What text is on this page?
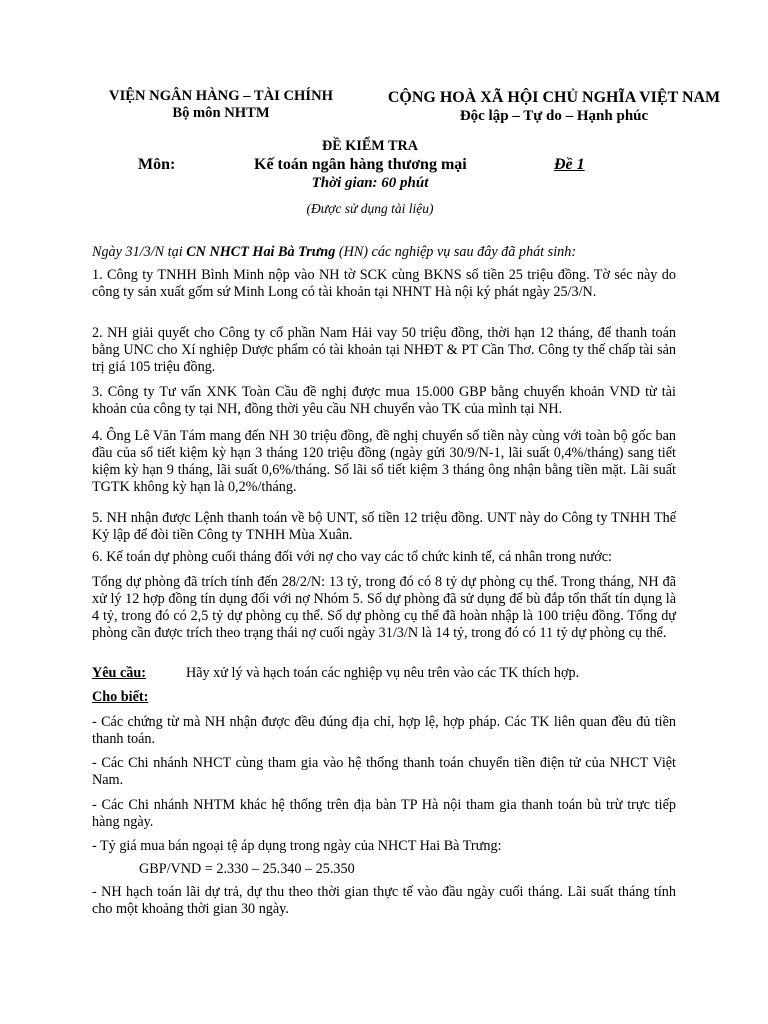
VIỆN NGÂN HÀNG – TÀI CHÍNH
Bộ môn NHTM
CỘNG HOÀ XÃ HỘI CHỦ NGHĨA VIỆT NAM
Độc lập – Tự do – Hạnh phúc
ĐỀ KIỂM TRA
Môn:	Kế toán ngân hàng thương mại	Đề 1
Thời gian: 60 phút
(Được sử dụng tài liệu)
Ngày 31/3/N tại CN NHCT Hai Bà Trưng (HN) các nghiệp vụ sau đây đã phát sinh:
1. Công ty TNHH Bình Minh nộp vào NH tờ SCK cùng BKNS số tiền 25 triệu đồng. Tờ séc này do công ty sản xuất gốm sứ Minh Long có tài khoản tại NHNT Hà nội ký phát ngày 25/3/N.
2. NH giải quyết cho Công ty cổ phần Nam Hải vay 50 triệu đồng, thời hạn 12 tháng, để thanh toán bằng UNC cho Xí nghiệp Dược phẩm có tài khoản tại NHĐT & PT Cần Thơ. Công ty thế chấp tài sản trị giá 105 triệu đồng.
3. Công ty Tư vấn XNK Toàn Cầu đề nghị được mua 15.000 GBP bằng chuyển khoản VND từ tài khoản của công ty tại NH, đồng thời yêu cầu NH chuyển vào TK của mình tại NH.
4. Ông Lê Văn Tám mang đến NH 30 triệu đồng, đề nghị chuyển số tiền này cùng với toàn bộ gốc ban đầu của sổ tiết kiệm kỳ hạn 3 tháng 120 triệu đồng (ngày gửi 30/9/N-1, lãi suất 0,4%/tháng) sang tiết kiệm kỳ hạn 9 tháng, lãi suất 0,6%/tháng. Số lãi sổ tiết kiệm 3 tháng ông nhận bằng tiền mặt. Lãi suất TGTK không kỳ hạn là 0,2%/tháng.
5. NH nhận được Lệnh thanh toán về bộ UNT, số tiền 12 triệu đồng. UNT này do Công ty TNHH Thế Kỷ lập để đòi tiền Công ty TNHH Mùa Xuân.
6. Kế toán dự phòng cuối tháng đối với nợ cho vay các tổ chức kinh tế, cá nhân trong nước:
Tổng dự phòng đã trích tính đến 28/2/N: 13 tỷ, trong đó có 8 tỷ dự phòng cụ thể. Trong tháng, NH đã xử lý 12 hợp đồng tín dụng đối với nợ Nhóm 5. Số dự phòng đã sử dụng để bù đắp tổn thất tín dụng là 4 tỷ, trong đó có 2,5 tỷ dự phòng cụ thể. Số dự phòng cụ thể đã hoàn nhập là 100 triệu đồng. Tổng dự phòng cần được trích theo trạng thái nợ cuối ngày 31/3/N là 14 tỷ, trong đó có 11 tỷ dự phòng cụ thể.
Yêu cầu:	Hãy xử lý và hạch toán các nghiệp vụ nêu trên vào các TK thích hợp.
Cho biết:
- Các chứng từ mà NH nhận được đều đúng địa chỉ, hợp lệ, hợp pháp. Các TK liên quan đều đủ tiền thanh toán.
- Các Chi nhánh NHCT cùng tham gia vào hệ thống thanh toán chuyển tiền điện tử của NHCT Việt Nam.
- Các Chi nhánh NHTM khác hệ thống trên địa bàn TP Hà nội tham gia thanh toán bù trừ trực tiếp hàng ngày.
- Tỷ giá mua bán ngoại tệ áp dụng trong ngày của NHCT Hai Bà Trưng:
GBP/VND = 2.330 – 25.340 – 25.350
- NH hạch toán lãi dự trả, dự thu theo thời gian thực tế vào đầu ngày cuối tháng. Lãi suất tháng tính cho một khoảng thời gian 30 ngày.
